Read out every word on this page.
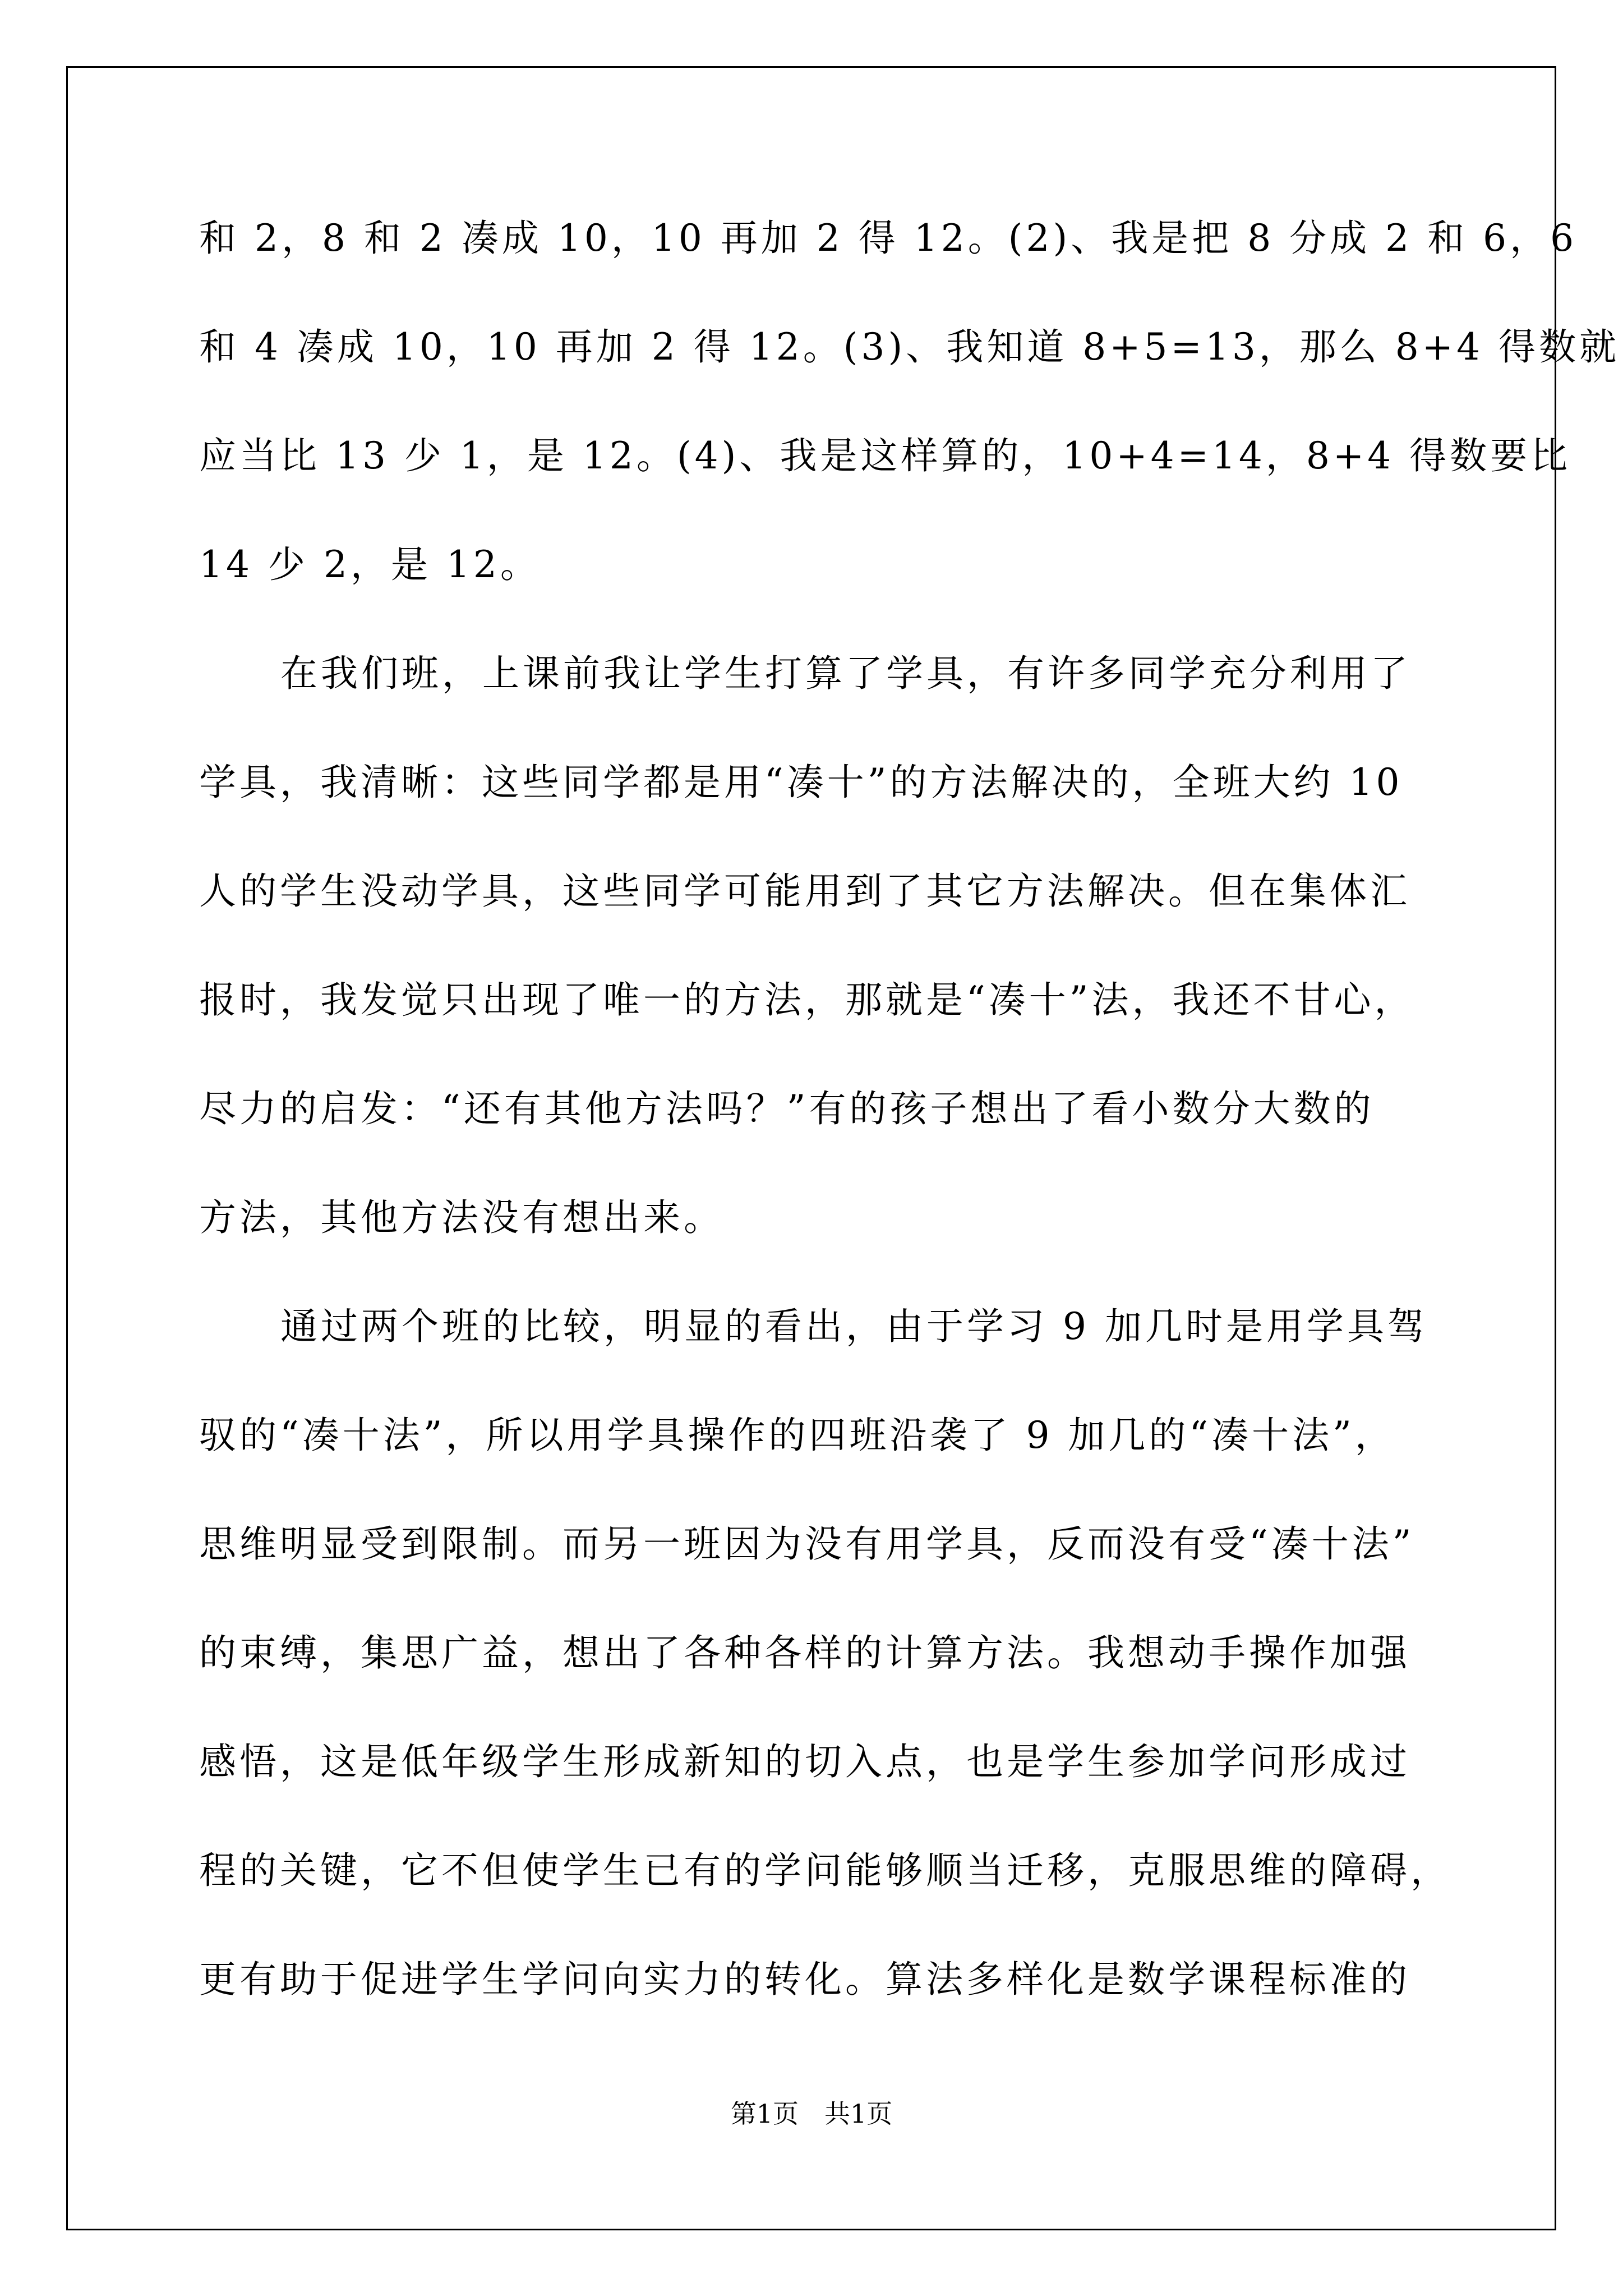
和 2，8 和 2 凑成 10，10 再加 2 得 12。(2)、我是把 8 分成 2 和 6，6
和 4 凑成 10，10 再加 2 得 12。(3)、我知道 8+5=13，那么 8+4 得数就
应当比 13 少 1，是 12。(4)、我是这样算的，10+4=14，8+4 得数要比
14 少 2，是 12。
在我们班，上课前我让学生打算了学具，有许多同学充分利用了
学具，我清晰：这些同学都是用“凑十”的方法解决的，全班大约 10
人的学生没动学具，这些同学可能用到了其它方法解决。但在集体汇
报时，我发觉只出现了唯一的方法，那就是“凑十”法，我还不甘心，
尽力的启发：“还有其他方法吗？”有的孩子想出了看小数分大数的
方法，其他方法没有想出来。
通过两个班的比较，明显的看出，由于学习 9 加几时是用学具驾
驭的“凑十法”，所以用学具操作的四班沿袭了 9 加几的“凑十法”，
思维明显受到限制。而另一班因为没有用学具，反而没有受“凑十法”
的束缚，集思广益，想出了各种各样的计算方法。我想动手操作加强
感悟，这是低年级学生形成新知的切入点，也是学生参加学问形成过
程的关键，它不但使学生已有的学问能够顺当迁移，克服思维的障碍，
更有助于促进学生学问向实力的转化。算法多样化是数学课程标准的
第1页　共1页
